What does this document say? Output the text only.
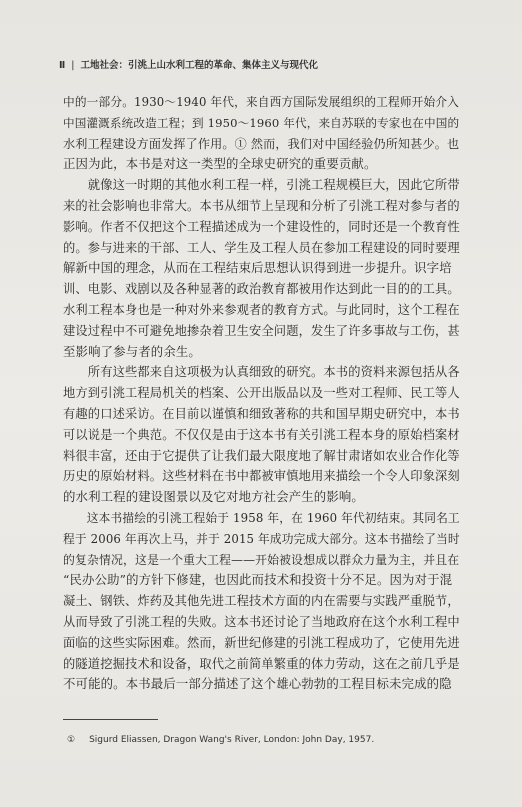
Ⅱ | 工地社会：引洮上山水利工程的革命、集体主义与现代化
中的一部分。1930～1940 年代，来自西方国际发展组织的工程师开始介入
中国灌溉系统改造工程；到 1950～1960 年代，来自苏联的专家也在中国的
水利工程建设方面发挥了作用。① 然而，我们对中国经验仍所知甚少。也
正因为此，本书是对这一类型的全球史研究的重要贡献。
　　就像这一时期的其他水利工程一样，引洮工程规模巨大，因此它所带
来的社会影响也非常大。本书从细节上呈现和分析了引洮工程对参与者的
影响。作者不仅把这个工程描述成为一个建设性的，同时还是一个教育性
的。参与进来的干部、工人、学生及工程人员在参加工程建设的同时要理
解新中国的理念，从而在工程结束后思想认识得到进一步提升。识字培
训、电影、戏剧以及各种显著的政治教育都被用作达到此一目的的工具。
水利工程本身也是一种对外来参观者的教育方式。与此同时，这个工程在
建设过程中不可避免地掺杂着卫生安全问题，发生了许多事故与工伤，甚
至影响了参与者的余生。
　　所有这些都来自这项极为认真细致的研究。本书的资料来源包括从各
地方到引洮工程局机关的档案、公开出版品以及一些对工程师、民工等人
有趣的口述采访。在目前以谨慎和细致著称的共和国早期史研究中，本书
可以说是一个典范。不仅仅是由于这本书有关引洮工程本身的原始档案材
料很丰富，还由于它提供了让我们最大限度地了解甘肃诸如农业合作化等
历史的原始材料。这些材料在书中都被审慎地用来描绘一个令人印象深刻
的水利工程的建设图景以及它对地方社会产生的影响。
　　这本书描绘的引洮工程始于 1958 年，在 1960 年代初结束。其同名工
程于 2006 年再次上马，并于 2015 年成功完成大部分。这本书描绘了当时
的复杂情况，这是一个重大工程——开始被设想成以群众力量为主，并且在
“民办公助”的方针下修建，也因此而技术和投资十分不足。因为对于混
凝土、钢铁、炸药及其他先进工程技术方面的内在需要与实践严重脱节，
从而导致了引洮工程的失败。这本书还讨论了当地政府在这个水利工程中
面临的这些实际困难。然而，新世纪修建的引洮工程成功了，它使用先进
的隧道挖掘技术和设备，取代之前简单繁重的体力劳动，这在之前几乎是
不可能的。本书最后一部分描述了这个雄心勃勃的工程目标未完成的隐
① Sigurd Eliassen, Dragon Wang's River, London: John Day, 1957.
